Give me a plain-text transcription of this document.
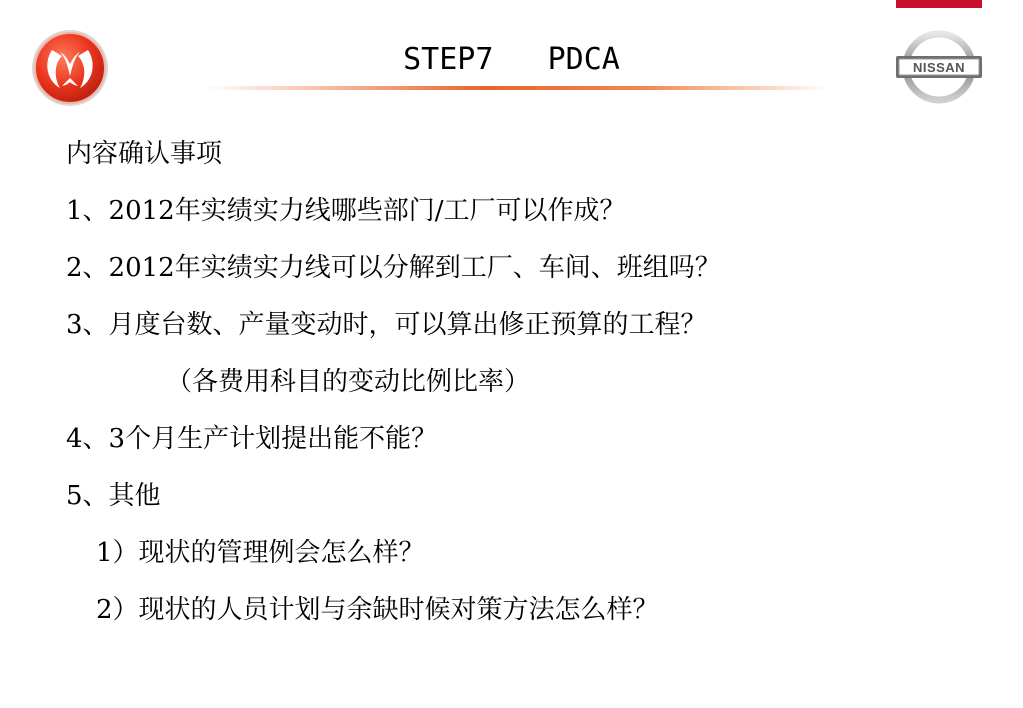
STEP7   PDCA	NISSAN
内容确认事项
1、2012年实绩实力线哪些部门/工厂可以作成？
2、2012年实绩实力线可以分解到工厂、车间、班组吗？
3、月度台数、产量变动时，可以算出修正预算的工程？
（各费用科目的变动比例比率）
4、3个月生产计划提出能不能？
5、其他
1）现状的管理例会怎么样？
2）现状的人员计划与余缺时候对策方法怎么样？
